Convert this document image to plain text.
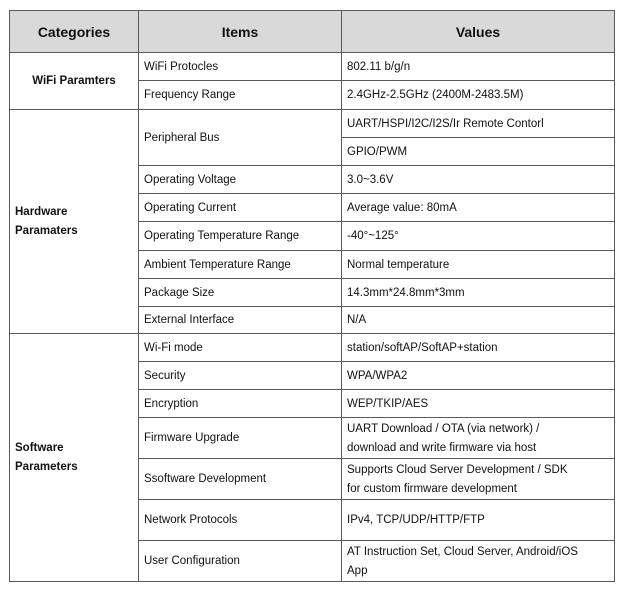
Categories	Items	Values
WiFi Paramters	WiFi Protocles	802.11 b/g/n
	Frequency Range	2.4GHz-2.5GHz (2400M-2483.5M)

Hardware
Paramaters	Peripheral Bus	UART/HSPI/I2C/I2S/Ir Remote Contorl
		GPIO/PWM
	Operating Voltage	3.0~3.6V
	Operating Current	Average value: 80mA
	Operating Temperature Range	-40°~125°
	Ambient Temperature Range	Normal temperature
	Package Size	14.3mm*24.8mm*3mm
	External Interface	N/A

Software
Parameters	Wi-Fi mode	station/softAP/SoftAP+station
	Security	WPA/WPA2
	Encryption	WEP/TKIP/AES
	Firmware Upgrade	UART Download / OTA (via network) /
download and write firmware via host

	Ssoftware Development	Supports Cloud Server Development / SDK
for custom firmware development

	Network Protocols	IPv4, TCP/UDP/HTTP/FTP
	User Configuration	AT Instruction Set, Cloud Server, Android/iOS
App
